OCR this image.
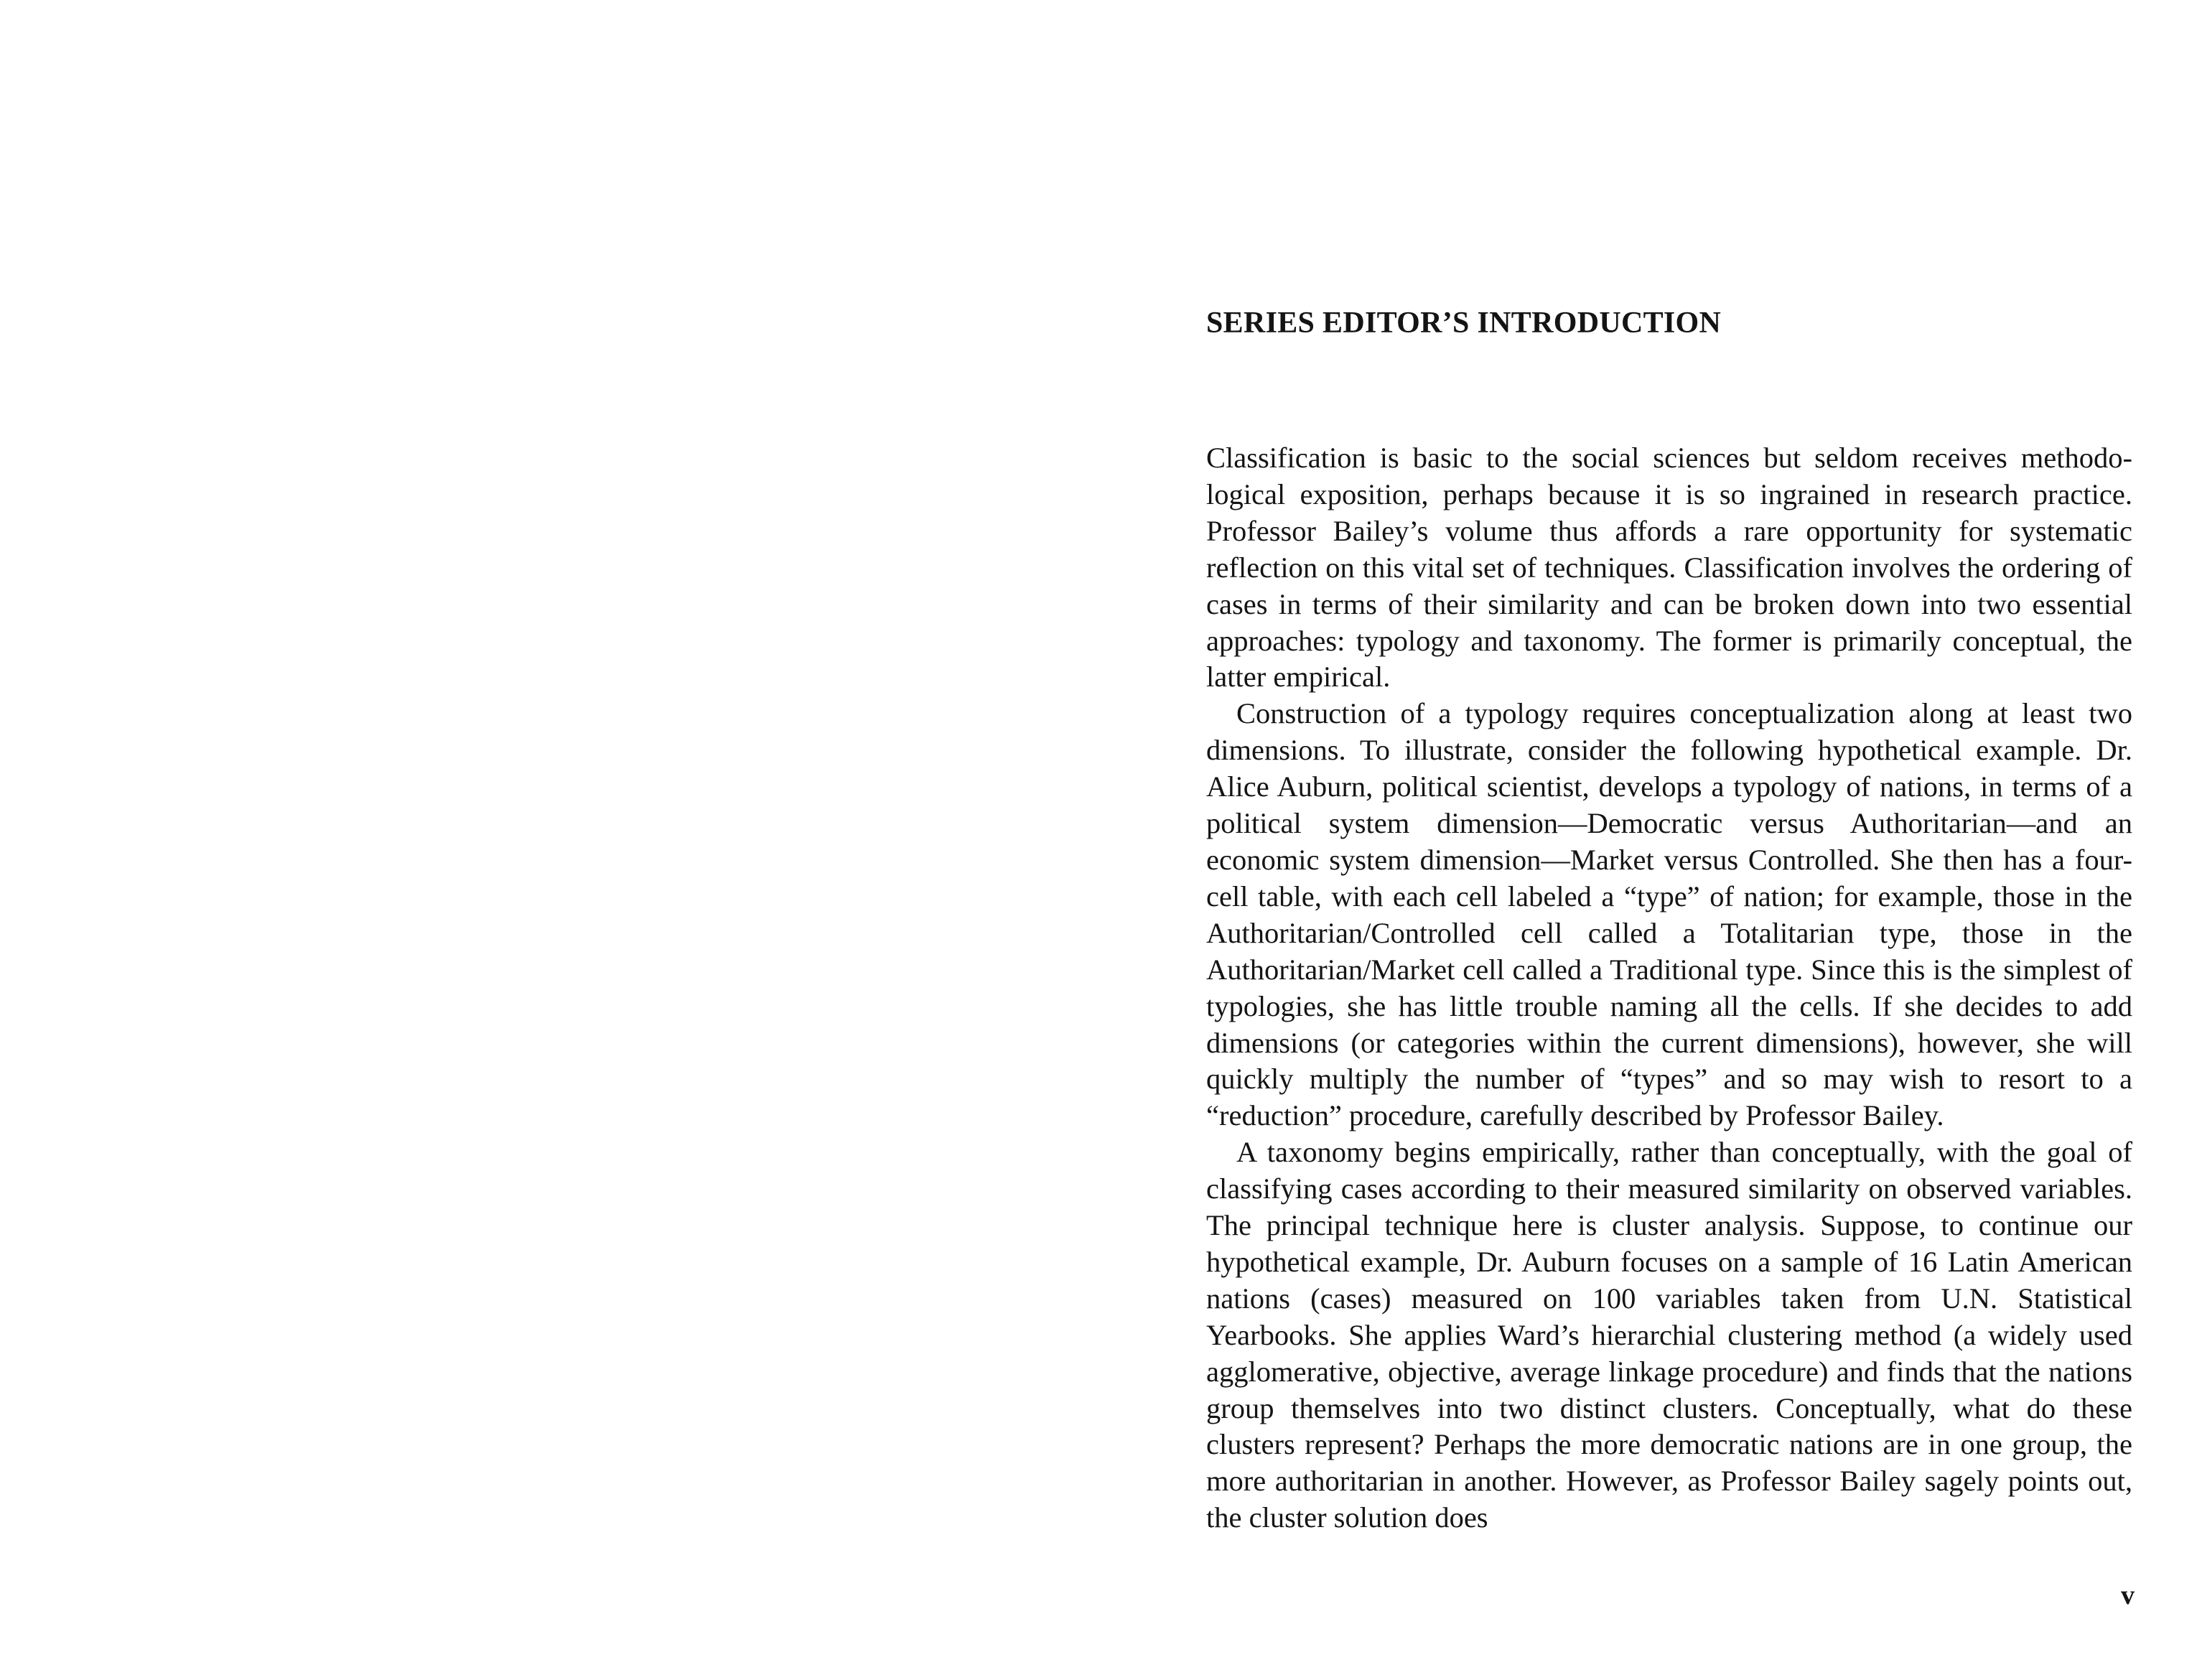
SERIES EDITOR’S INTRODUCTION

Classification is basic to the social sciences but seldom receives methodological exposition, perhaps because it is so ingrained in research practice. Professor Bailey’s volume thus affords a rare opportunity for systematic reflection on this vital set of techniques. Classification involves the ordering of cases in terms of their similarity and can be broken down into two essential approaches: typology and taxonomy. The former is primarily conceptual, the latter empirical.

Construction of a typology requires conceptualization along at least two dimensions. To illustrate, consider the following hypothetical example. Dr. Alice Auburn, political scientist, develops a typology of nations, in terms of a political system dimension—Democratic versus Authoritarian—and an economic system dimension—Market versus Controlled. She then has a four-cell table, with each cell labeled a “type” of nation; for example, those in the Authoritarian/Controlled cell called a Totalitarian type, those in the Authoritarian/Market cell called a Traditional type. Since this is the simplest of typologies, she has little trouble naming all the cells. If she decides to add dimensions (or categories within the current dimensions), however, she will quickly multiply the number of “types” and so may wish to resort to a “reduction” procedure, carefully described by Professor Bailey.

A taxonomy begins empirically, rather than conceptually, with the goal of classifying cases according to their measured similarity on observed variables. The principal technique here is cluster analysis. Suppose, to continue our hypothetical example, Dr. Auburn focuses on a sample of 16 Latin American nations (cases) measured on 100 variables taken from U.N. Statistical Yearbooks. She applies Ward’s hierarchial clustering method (a widely used agglomerative, objective, average linkage procedure) and finds that the nations group themselves into two distinct clusters. Conceptually, what do these clusters represent? Perhaps the more democratic nations are in one group, the more authoritarian in another. However, as Professor Bailey sagely points out, the cluster solution does

v
